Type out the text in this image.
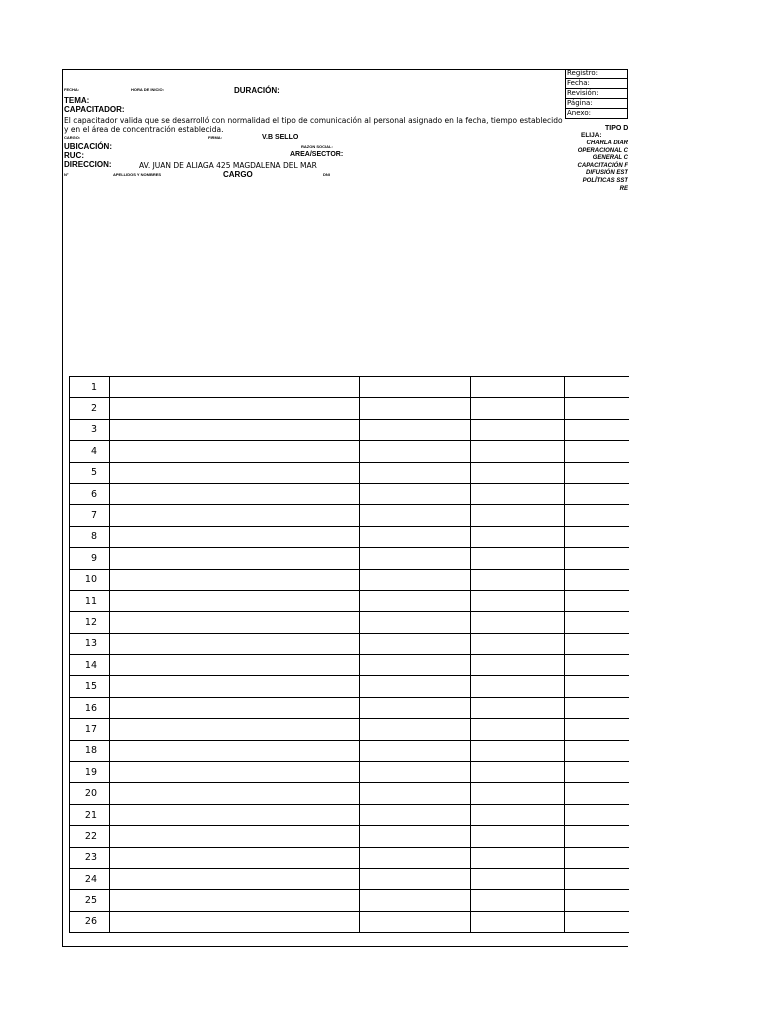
FECHA:	HORA DE INICIO:	DURACIÓN:
TEMA:
CAPACITADOR:
El capacitador valida que se desarrolló con normalidad el tipo de comunicación al personal asignado en la fecha, tiempo establecido
y en el área de concentración establecida.
CARGO:	FIRMA:	V.B SELLO
RAZON SOCIAL:
UBICACIÓN:
RUC:	AREA/SECTOR:
DIRECCION:	AV. JUAN DE ALIAGA 425 MAGDALENA DEL MAR
N°	APELLIDOS Y NOMBRES	CARGO	DNI
Registro:
Fecha:
Revisión:
Página:
Anexo:
TIPO D
ELIJA:
CHARLA DIAR
OPERACIONAL C
GENERAL C
CAPACITACIÓN F
DIFUSIÓN EST
POLÍTICAS SST
RE
1				
2				
3				
4				
5				
6				
7				
8				
9				
10				
11				
12				
13				
14				
15				
16				
17				
18				
19				
20				
21				
22				
23				
24				
25				
26				
